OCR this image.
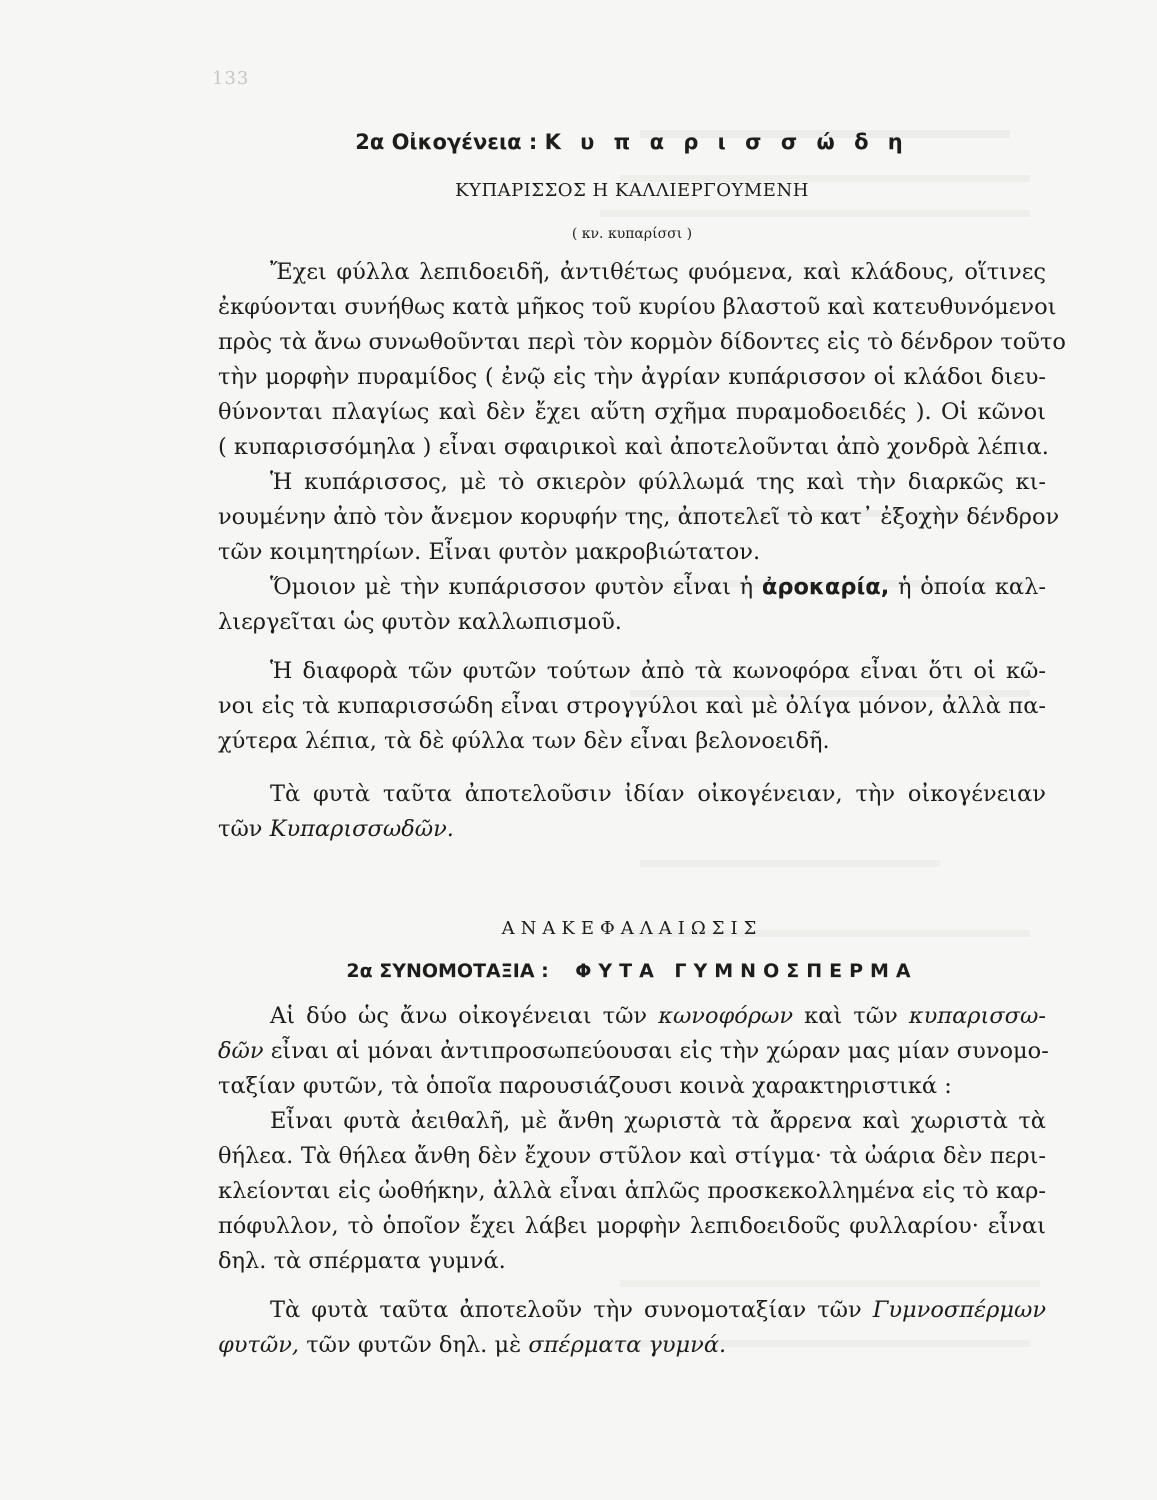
133
2α Οἰκογένεια : Κ υ π α ρ ι σ σ ώ δ η
ΚΥΠΑΡΙΣΣΟΣ Η ΚΑΛΛΙΕΡΓΟΥΜΕΝΗ
( κν. κυπαρίσσι )
Ἔχει φύλλα λεπιδοειδῆ, ἀντιθέτως φυόμενα, καὶ κλάδους, οἵτινες
ἐκφύονται συνήθως κατὰ μῆκος τοῦ κυρίου βλαστοῦ καὶ κατευθυνόμενοι
πρὸς τὰ ἄνω συνωθοῦνται περὶ τὸν κορμὸν δίδοντες εἰς τὸ δένδρον τοῦτο
τὴν μορφὴν πυραμίδος ( ἐνῷ εἰς τὴν ἀγρίαν κυπάρισσον οἱ κλάδοι διευ-
θύνονται πλαγίως καὶ δὲν ἔχει αὕτη σχῆμα πυραμοδοειδές ). Οἱ κῶνοι
( κυπαρισσόμηλα ) εἶναι σφαιρικοὶ καὶ ἀποτελοῦνται ἀπὸ χονδρὰ λέπια.
Ἡ κυπάρισσος, μὲ τὸ σκιερὸν φύλλωμά της καὶ τὴν διαρκῶς κι-
νουμένην ἀπὸ τὸν ἄνεμον κορυφήν της, ἀποτελεῖ τὸ κατ᾽ ἐξοχὴν δένδρον
τῶν κοιμητηρίων. Εἶναι φυτὸν μακροβιώτατον.
Ὅμοιον μὲ τὴν κυπάρισσον φυτὸν εἶναι ἡ ἀροκαρία, ἡ ὁποία καλ-
λιεργεῖται ὡς φυτὸν καλλωπισμοῦ.
Ἡ διαφορὰ τῶν φυτῶν τούτων ἀπὸ τὰ κωνοφόρα εἶναι ὅτι οἱ κῶ-
νοι εἰς τὰ κυπαρισσώδη εἶναι στρογγύλοι καὶ μὲ ὀλίγα μόνον, ἀλλὰ πα-
χύτερα λέπια, τὰ δὲ φύλλα των δὲν εἶναι βελονοειδῆ.
Τὰ φυτὰ ταῦτα ἀποτελοῦσιν ἰδίαν οἰκογένειαν, τὴν οἰκογένειαν
τῶν Κυπαρισσωδῶν.
ΑΝΑΚΕΦΑΛΑΙΩΣΙΣ
2α ΣΥΝΟΜΟΤΑΞΙΑ : ΦΥΤΑ ΓΥΜΝΟΣΠΕΡΜΑ
Αἱ δύο ὡς ἄνω οἰκογένειαι τῶν κωνοφόρων καὶ τῶν κυπαρισσω-
δῶν εἶναι αἱ μόναι ἀντιπροσωπεύουσαι εἰς τὴν χώραν μας μίαν συνομο-
ταξίαν φυτῶν, τὰ ὁποῖα παρουσιάζουσι κοινὰ χαρακτηριστικά :
Εἶναι φυτὰ ἀειθαλῆ, μὲ ἄνθη χωριστὰ τὰ ἄρρενα καὶ χωριστὰ τὰ
θήλεα. Τὰ θήλεα ἄνθη δὲν ἔχουν στῦλον καὶ στίγμα· τὰ ὠάρια δὲν περι-
κλείονται εἰς ὠοθήκην, ἀλλὰ εἶναι ἁπλῶς προσκεκολλημένα εἰς τὸ καρ-
πόφυλλον, τὸ ὁποῖον ἔχει λάβει μορφὴν λεπιδοειδοῦς φυλλαρίου· εἶναι
δηλ. τὰ σπέρματα γυμνά.
Τὰ φυτὰ ταῦτα ἀποτελοῦν τὴν συνομοταξίαν τῶν Γυμνοσπέρμων
φυτῶν, τῶν φυτῶν δηλ. μὲ σπέρματα γυμνά.
